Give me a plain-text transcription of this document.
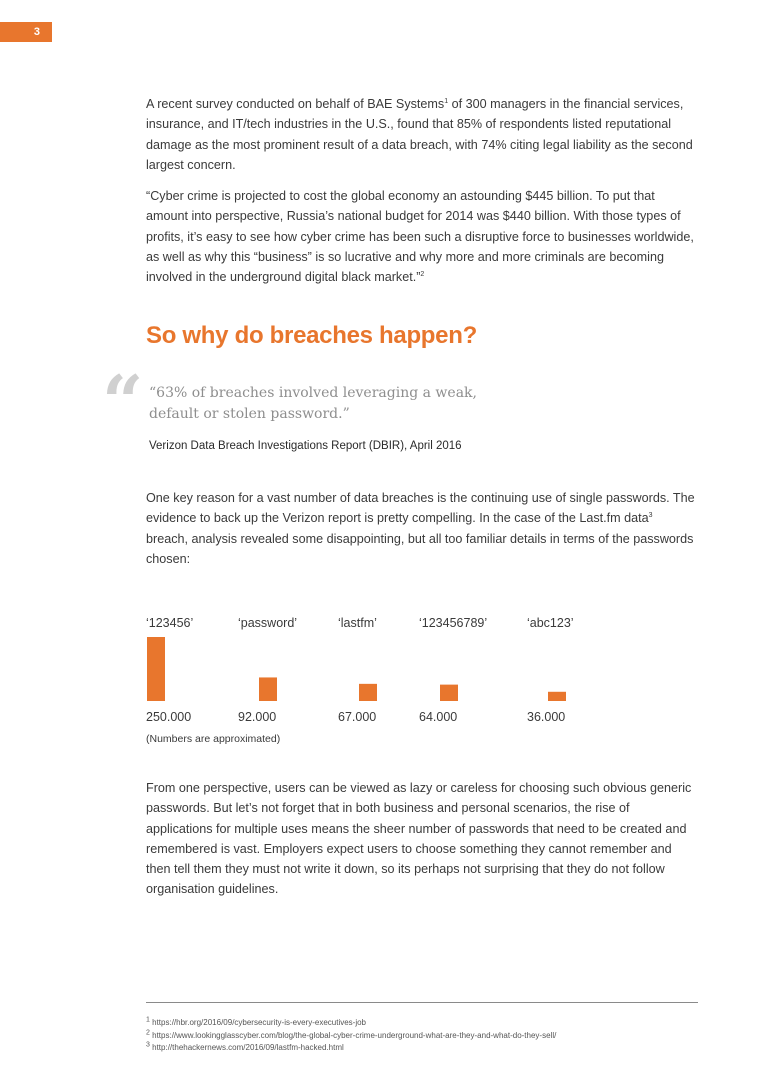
3

A recent survey conducted on behalf of BAE Systems$^1$ of 300 managers in the financial services, insurance, and IT/tech industries in the U.S., found that 85% of respondents listed reputational damage as the most prominent result of a data breach, with 74% citing legal liability as the second largest concern.

“Cyber crime is projected to cost the global economy an astounding $445 billion. To put that amount into perspective, Russia’s national budget for 2014 was $440 billion. With those types of profits, it’s easy to see how cyber crime has been such a disruptive force to businesses worldwide, as well as why this “business” is so lucrative and why more and more criminals are becoming involved in the underground digital black market.”$^2$

So why do breaches happen?
“ “63% of breaches involved leveraging a weak, default or stolen password.”

Verizon Data Breach Investigations Report (DBIR), April 2016

One key reason for a vast number of data breaches is the continuing use of single passwords. The evidence to back up the Verizon report is pretty compelling. In the case of the Last.fm data$^3$ breach, analysis revealed some disappointing, but all too familiar details in terms of the passwords chosen:

‘123456’
250.000
‘password’
92.000
‘lastfm’
67.000
‘123456789’
64.000
‘abc123’
36.000

(Numbers are approximated)

From one perspective, users can be viewed as lazy or careless for choosing such obvious generic passwords. But let’s not forget that in both business and personal scenarios, the rise of applications for multiple uses means the sheer number of passwords that need to be created and remembered is vast. Employers expect users to choose something they cannot remember and then tell them they must not write it down, so its perhaps not surprising that they do not follow organisation guidelines.

$^1$ https://hbr.org/2016/09/cybersecurity-is-every-executives-job

$^2$ https://www.lookingglasscyber.com/blog/the-global-cyber-crime-underground-what-are-they-and-what-do-they-sell/

$^3$ http://thehackernews.com/2016/09/lastfm-hacked.html
